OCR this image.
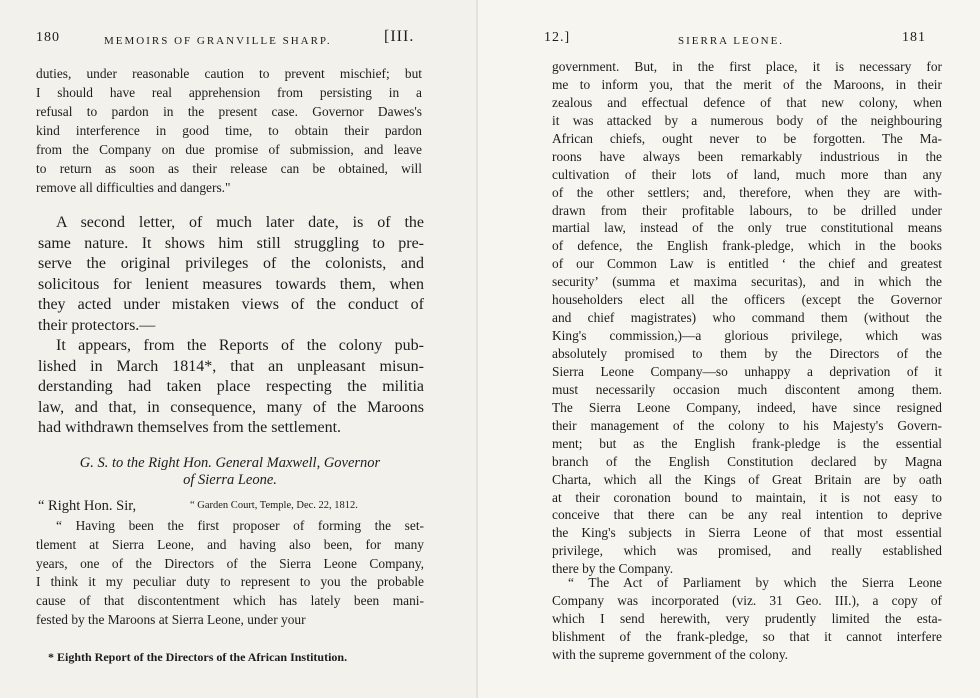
180	MEMOIRS OF GRANVILLE SHARP.	[III.
duties, under reasonable caution to prevent mischief; but
I should have real apprehension from persisting in a
refusal to pardon in the present case. Governor Dawes's
kind interference in good time, to obtain their pardon
from the Company on due promise of submission, and leave
to return as soon as their release can be obtained, will
remove all difficulties and dangers."
A second letter, of much later date, is of the
same nature. It shows him still struggling to pre-
serve the original privileges of the colonists, and
solicitous for lenient measures towards them, when
they acted under mistaken views of the conduct of
their protectors.—
It appears, from the Reports of the colony pub-
lished in March 1814*, that an unpleasant misun-
derstanding had taken place respecting the militia
law, and that, in consequence, many of the Maroons
had withdrawn themselves from the settlement.
G. S. to the Right Hon. General Maxwell, Governor
of Sierra Leone.
“ Right Hon. Sir,	“ Garden Court, Temple, Dec. 22, 1812.
“ Having been the first proposer of forming the set-
tlement at Sierra Leone, and having also been, for many
years, one of the Directors of the Sierra Leone Company,
I think it my peculiar duty to represent to you the probable
cause of that discontentment which has lately been mani-
fested by the Maroons at Sierra Leone, under your
* Eighth Report of the Directors of the African Institution.
12.]	SIERRA LEONE.	181
government. But, in the first place, it is necessary for
me to inform you, that the merit of the Maroons, in their
zealous and effectual defence of that new colony, when
it was attacked by a numerous body of the neighbouring
African chiefs, ought never to be forgotten. The Ma-
roons have always been remarkably industrious in the
cultivation of their lots of land, much more than any
of the other settlers; and, therefore, when they are with-
drawn from their profitable labours, to be drilled under
martial law, instead of the only true constitutional means
of defence, the English frank-pledge, which in the books
of our Common Law is entitled ‘ the chief and greatest
security’ (summa et maxima securitas), and in which the
householders elect all the officers (except the Governor
and chief magistrates) who command them (without the
King's commission,)—a glorious privilege, which was
absolutely promised to them by the Directors of the
Sierra Leone Company—so unhappy a deprivation of it
must necessarily occasion much discontent among them.
The Sierra Leone Company, indeed, have since resigned
their management of the colony to his Majesty's Govern-
ment; but as the English frank-pledge is the essential
branch of the English Constitution declared by Magna
Charta, which all the Kings of Great Britain are by oath
at their coronation bound to maintain, it is not easy to
conceive that there can be any real intention to deprive
the King's subjects in Sierra Leone of that most essential
privilege, which was promised, and really established
there by the Company.
“ The Act of Parliament by which the Sierra Leone
Company was incorporated (viz. 31 Geo. III.), a copy of
which I send herewith, very prudently limited the esta-
blishment of the frank-pledge, so that it cannot interfere
with the supreme government of the colony.
